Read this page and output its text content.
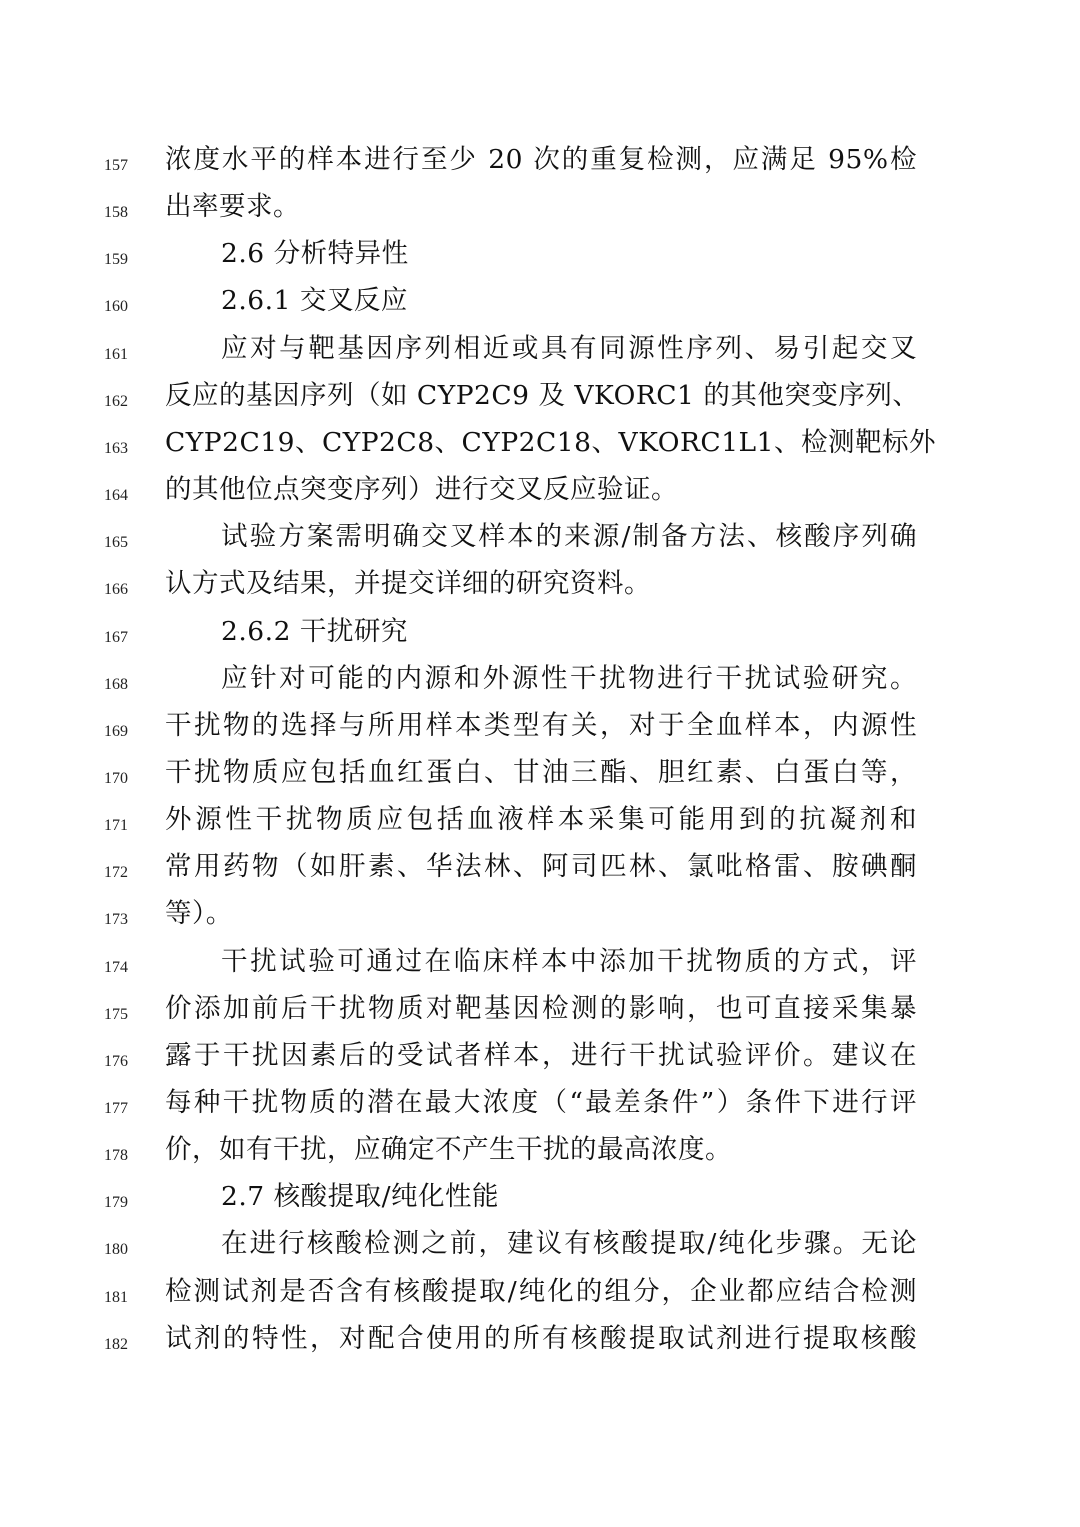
157	浓度水平的样本进行至少 20 次的重复检测，应满足 95%检
158	出率要求。
159	2.6 分析特异性
160	2.6.1 交叉反应
161	应对与靶基因序列相近或具有同源性序列、易引起交叉
162	反应的基因序列（如 CYP2C9 及 VKORC1 的其他突变序列、
163	CYP2C19、CYP2C8、CYP2C18、VKORC1L1、检测靶标外
164	的其他位点突变序列）进行交叉反应验证。
165	试验方案需明确交叉样本的来源/制备方法、核酸序列确
166	认方式及结果，并提交详细的研究资料。
167	2.6.2 干扰研究
168	应针对可能的内源和外源性干扰物进行干扰试验研究。
169	干扰物的选择与所用样本类型有关，对于全血样本，内源性
170	干扰物质应包括血红蛋白、甘油三酯、胆红素、白蛋白等，
171	外源性干扰物质应包括血液样本采集可能用到的抗凝剂和
172	常用药物（如肝素、华法林、阿司匹林、氯吡格雷、胺碘酮
173	等）。
174	干扰试验可通过在临床样本中添加干扰物质的方式，评
175	价添加前后干扰物质对靶基因检测的影响，也可直接采集暴
176	露于干扰因素后的受试者样本，进行干扰试验评价。建议在
177	每种干扰物质的潜在最大浓度（“最差条件”）条件下进行评
178	价，如有干扰，应确定不产生干扰的最高浓度。
179	2.7 核酸提取/纯化性能
180	在进行核酸检测之前，建议有核酸提取/纯化步骤。无论
181	检测试剂是否含有核酸提取/纯化的组分，企业都应结合检测
182	试剂的特性，对配合使用的所有核酸提取试剂进行提取核酸
